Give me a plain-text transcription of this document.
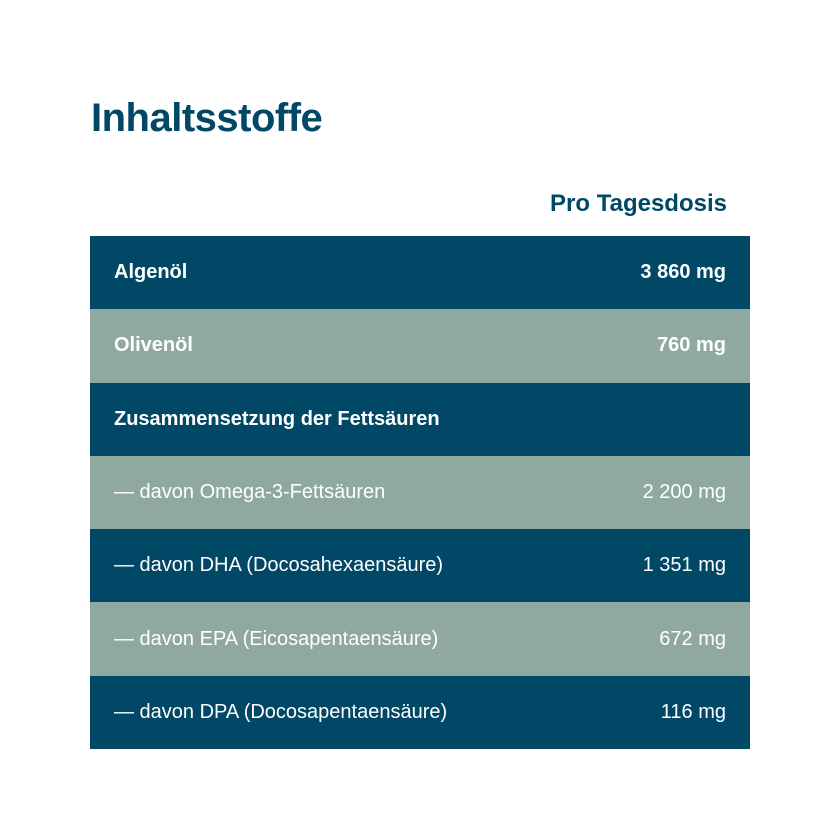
Inhaltsstoffe
Pro Tagesdosis
Algenöl	3 860 mg
Olivenöl	760 mg
Zusammensetzung der Fettsäuren
— davon Omega-3-Fettsäuren	2 200 mg
— davon DHA (Docosahexaensäure)	1 351 mg
— davon EPA (Eicosapentaensäure)	672 mg
— davon DPA (Docosapentaensäure)	116 mg
